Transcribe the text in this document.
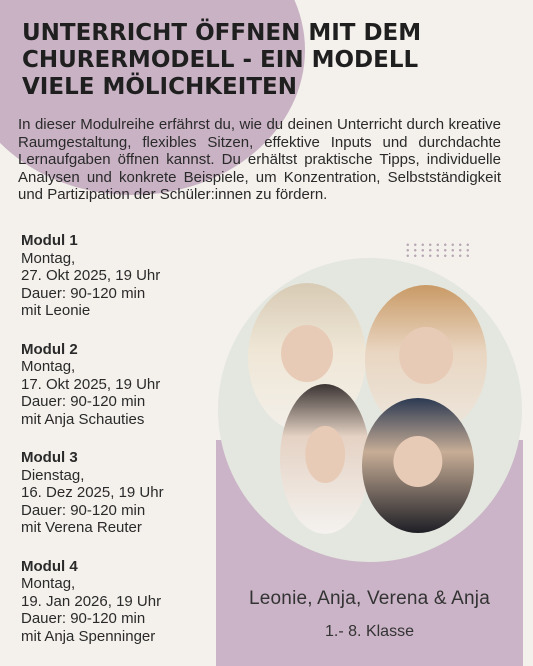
UNTERRICHT ÖFFNEN MIT DEM
CHURERMODELL - EIN MODELL
VIELE MÖLICHKEITEN

In dieser Modulreihe erfährst du, wie du deinen Unterricht durch kreative Raumgestaltung, flexibles Sitzen, effektive Inputs und durchdachte Lernaufgaben öffnen kannst. Du erhältst praktische Tipps, individuelle Analysen und konkrete Beispiele, um Konzentration, Selbstständigkeit und Partizipation der Schüler:innen zu fördern.

Modul 1
Montag,
27. Okt 2025, 19 Uhr
Dauer: 90-120 min
mit Leonie
Modul 2
Montag,
17. Okt 2025, 19 Uhr
Dauer: 90-120 min
mit Anja Schauties
Modul 3
Dienstag,
16. Dez 2025, 19 Uhr
Dauer: 90-120 min
mit Verena Reuter
Modul 4
Montag,
19. Jan 2026, 19 Uhr
Dauer: 90-120 min
mit Anja Spenninger
Leonie, Anja, Verena & Anja
1.- 8. Klasse
